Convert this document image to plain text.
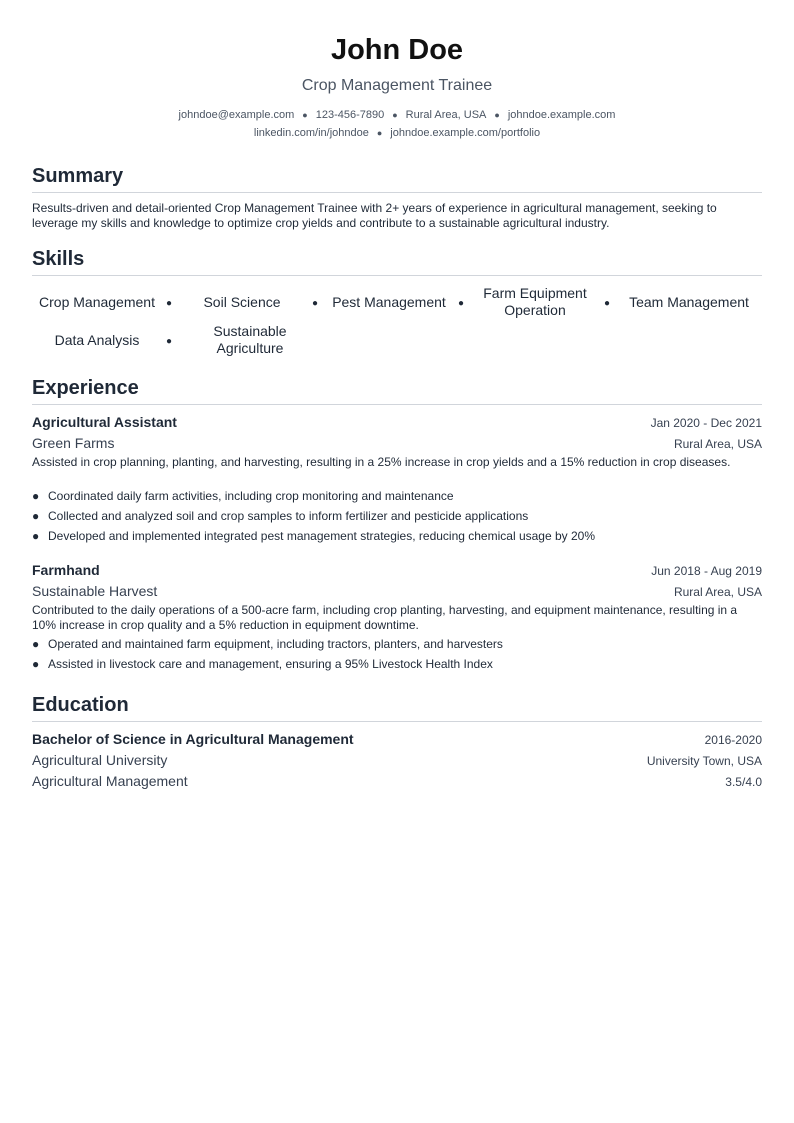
John Doe
Crop Management Trainee
johndoe@example.com ● 123-456-7890 ● Rural Area, USA ● johndoe.example.com
linkedin.com/in/johndoe ● johndoe.example.com/portfolio
Summary
Results-driven and detail-oriented Crop Management Trainee with 2+ years of experience in agricultural management, seeking to leverage my skills and knowledge to optimize crop yields and contribute to a sustainable agricultural industry.
Skills
Crop Management	●	Soil Science	●	Pest Management	●
Farm Equipment Operation	●	Team Management
Data Analysis	●
Sustainable Agriculture
Experience
Agricultural Assistant	Jan 2020 - Dec 2021
Green Farms	Rural Area, USA
Assisted in crop planning, planting, and harvesting, resulting in a 25% increase in crop yields and a 15% reduction in crop diseases.
● Coordinated daily farm activities, including crop monitoring and maintenance
● Collected and analyzed soil and crop samples to inform fertilizer and pesticide applications
● Developed and implemented integrated pest management strategies, reducing chemical usage by 20%
Farmhand	Jun 2018 - Aug 2019
Sustainable Harvest	Rural Area, USA
Contributed to the daily operations of a 500-acre farm, including crop planting, harvesting, and equipment maintenance, resulting in a 10% increase in crop quality and a 5% reduction in equipment downtime.
● Operated and maintained farm equipment, including tractors, planters, and harvesters
● Assisted in livestock care and management, ensuring a 95% Livestock Health Index
Education
Bachelor of Science in Agricultural Management	2016-2020
Agricultural University	University Town, USA
Agricultural Management	3.5/4.0
